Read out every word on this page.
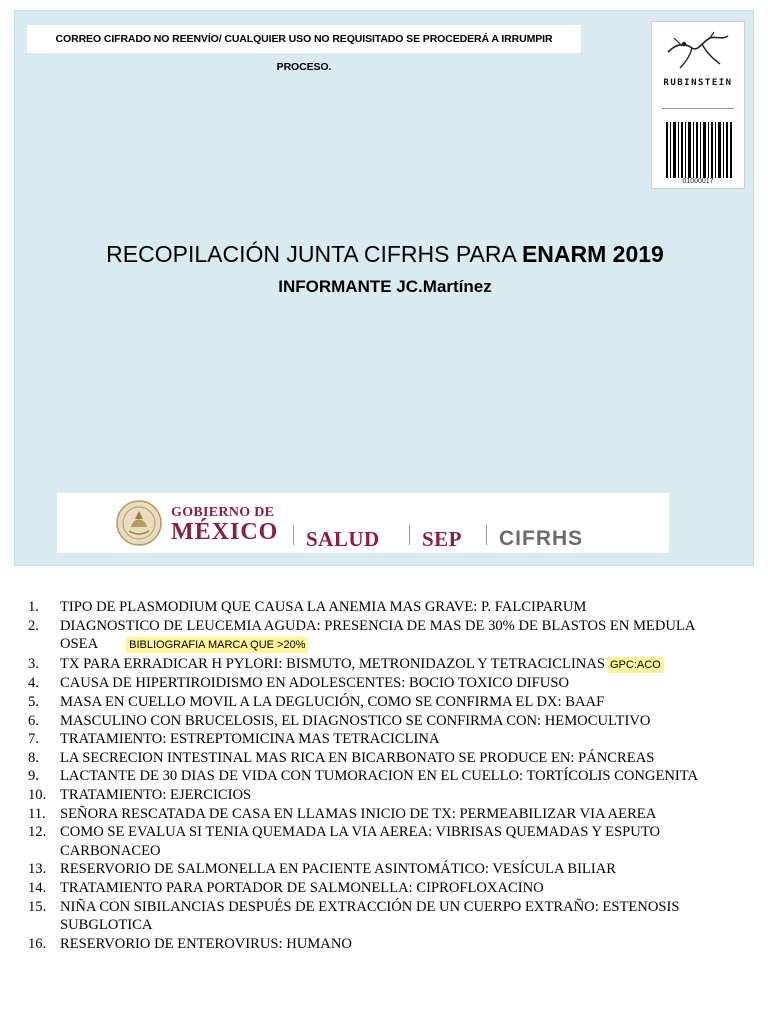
CORREO CIFRADO NO REENVÍO/ CUALQUIER USO NO REQUISITADO SE PROCEDERÁ A IRRUMPIR PROCESO.
RUBINSTEIN
01000017
RECOPILACIÓN JUNTA CIFRHS PARA ENARM 2019
INFORMANTE JC.Martínez
GOBIERNO DE
MÉXICO SALUD SEP CIFRHS
1. TIPO DE PLASMODIUM QUE CAUSA LA ANEMIA MAS GRAVE: P. FALCIPARUM
2. DIAGNOSTICO DE LEUCEMIA AGUDA: PRESENCIA DE MAS DE 30% DE BLASTOS EN MEDULA OSEA	BIBLIOGRAFIA MARCA QUE >20%
3. TX PARA ERRADICAR H PYLORI: BISMUTO, METRONIDAZOL Y TETRACICLINAS GPC:ACO
4. CAUSA DE HIPERTIROIDISMO EN ADOLESCENTES: BOCIO TOXICO DIFUSO
5. MASA EN CUELLO MOVIL A LA DEGLUCIÓN, COMO SE CONFIRMA EL DX: BAAF
6. MASCULINO CON BRUCELOSIS, EL DIAGNOSTICO SE CONFIRMA CON: HEMOCULTIVO
7. TRATAMIENTO: ESTREPTOMICINA MAS TETRACICLINA
8. LA SECRECION INTESTINAL MAS RICA EN BICARBONATO SE PRODUCE EN: PÁNCREAS
9. LACTANTE DE 30 DIAS DE VIDA CON TUMORACION EN EL CUELLO: TORTÍCOLIS CONGENITA
10. TRATAMIENTO: EJERCICIOS
11. SEÑORA RESCATADA DE CASA EN LLAMAS INICIO DE TX: PERMEABILIZAR VIA AEREA
12. COMO SE EVALUA SI TENIA QUEMADA LA VIA AEREA: VIBRISAS QUEMADAS Y ESPUTO CARBONACEO
13. RESERVORIO DE SALMONELLA EN PACIENTE ASINTOMÁTICO: VESÍCULA BILIAR
14. TRATAMIENTO PARA PORTADOR DE SALMONELLA: CIPROFLOXACINO
15. NIÑA CON SIBILANCIAS DESPUÉS DE EXTRACCIÓN DE UN CUERPO EXTRAÑO: ESTENOSIS SUBGLOTICA
16. RESERVORIO DE ENTEROVIRUS: HUMANO
